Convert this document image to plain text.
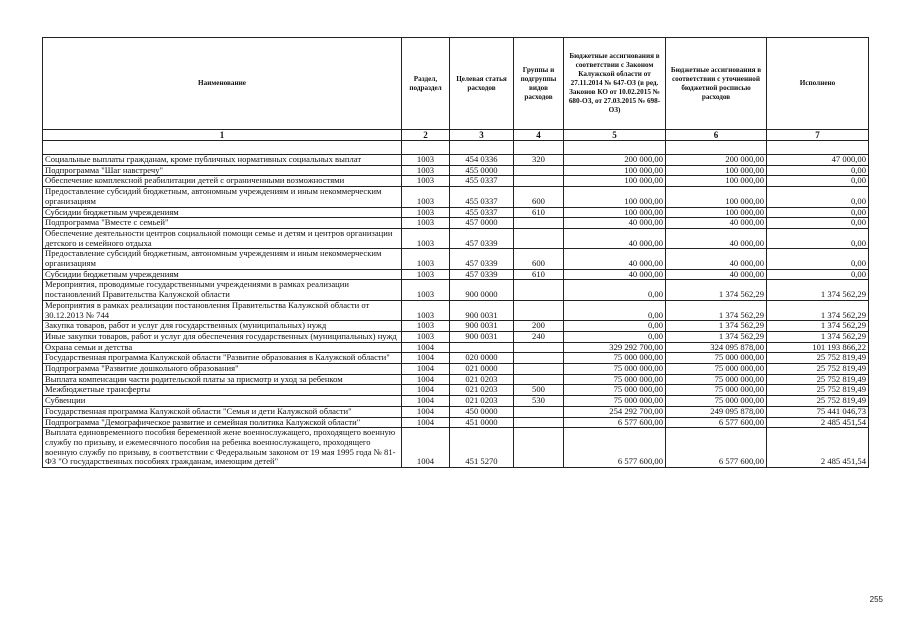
Наименование	Раздел, подраздел	Целевая статья расходов	Группы и подгруппы видов расходов	Бюджетные ассигнования в соответствии с Законом Калужской области от 27.11.2014 № 647-ОЗ (в ред. Законов КО от 10.02.2015 № 680-ОЗ, от 27.03.2015 № 698-ОЗ)	Бюджетные ассигнования в соответствии с уточненной бюджетной росписью расходов	Исполнено
1	2	3	4	5	6	7

Социальные выплаты гражданам, кроме публичных нормативных социальных выплат	1003	454 0336	320	200 000,00	200 000,00	47 000,00
Подпрограмма "Шаг навстречу"	1003	455 0000		100 000,00	100 000,00	0,00
Обеспечение комплексной реабилитации детей с ограниченными возможностями	1003	455 0337		100 000,00	100 000,00	0,00
Предоставление субсидий бюджетным, автономным учреждениям и иным некоммерческим организациям	1003	455 0337	600	100 000,00	100 000,00	0,00
Субсидии бюджетным учреждениям	1003	455 0337	610	100 000,00	100 000,00	0,00
Подпрограмма "Вместе с семьей"	1003	457 0000		40 000,00	40 000,00	0,00
Обеспечение деятельности центров социальной помощи семье и детям и центров организации детского и семейного отдыха	1003	457 0339		40 000,00	40 000,00	0,00
Предоставление субсидий бюджетным, автономным учреждениям и иным некоммерческим организациям	1003	457 0339	600	40 000,00	40 000,00	0,00
Субсидии бюджетным учреждениям	1003	457 0339	610	40 000,00	40 000,00	0,00
Мероприятия, проводимые государственными учреждениями в рамках реализации постановлений Правительства Калужской области	1003	900 0000		0,00	1 374 562,29	1 374 562,29
Мероприятия в рамках реализации постановления Правительства Калужской области от 30.12.2013 № 744	1003	900 0031		0,00	1 374 562,29	1 374 562,29
Закупка товаров, работ и услуг для государственных (муниципальных) нужд	1003	900 0031	200	0,00	1 374 562,29	1 374 562,29
Иные закупки товаров, работ и услуг для обеспечения государственных (муниципальных) нужд	1003	900 0031	240	0,00	1 374 562,29	1 374 562,29
Охрана семьи и детства	1004			329 292 700,00	324 095 878,00	101 193 866,22
Государственная программа Калужской области "Развитие образования в Калужской области"	1004	020 0000		75 000 000,00	75 000 000,00	25 752 819,49
Подпрограмма "Развитие дошкольного образования"	1004	021 0000		75 000 000,00	75 000 000,00	25 752 819,49
Выплата компенсации части родительской платы за присмотр и уход за ребенком	1004	021 0203		75 000 000,00	75 000 000,00	25 752 819,49
Межбюджетные трансферты	1004	021 0203	500	75 000 000,00	75 000 000,00	25 752 819,49
Субвенции	1004	021 0203	530	75 000 000,00	75 000 000,00	25 752 819,49
Государственная программа Калужской области "Семья и дети Калужской области"	1004	450 0000		254 292 700,00	249 095 878,00	75 441 046,73
Подпрограмма "Демографическое развитие и семейная политика Калужской области"	1004	451 0000		6 577 600,00	6 577 600,00	2 485 451,54
Выплата единовременного пособия беременной жене военнослужащего, проходящего военную службу по призыву, и ежемесячного пособия на ребенка военнослужащего, проходящего военную службу по призыву, в соответствии с Федеральным законом от 19 мая 1995 года № 81-ФЗ "О государственных пособиях гражданам, имеющим детей"	1004	451 5270		6 577 600,00	6 577 600,00	2 485 451,54
255
